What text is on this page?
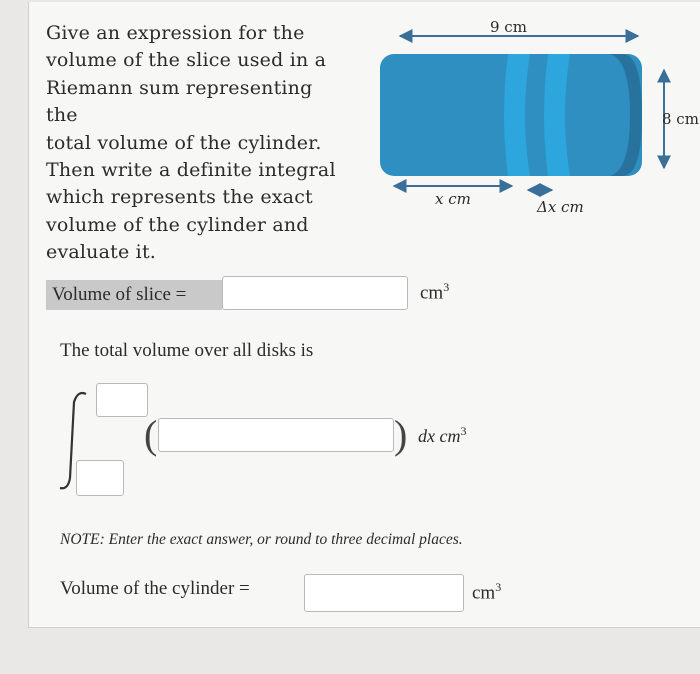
Give an expression for the
volume of the slice used in a
Riemann sum representing the
total volume of the cylinder.
Then write a definite integral
which represents the exact
volume of the cylinder and
evaluate it.
9 cm
8 cm
x cm	Δx cm
Volume of slice =	$cm^3$
The total volume over all disks is
(	) dx $cm^3$
NOTE: Enter the exact answer, or round to three decimal places.
Volume of the cylinder =	$cm^3$
